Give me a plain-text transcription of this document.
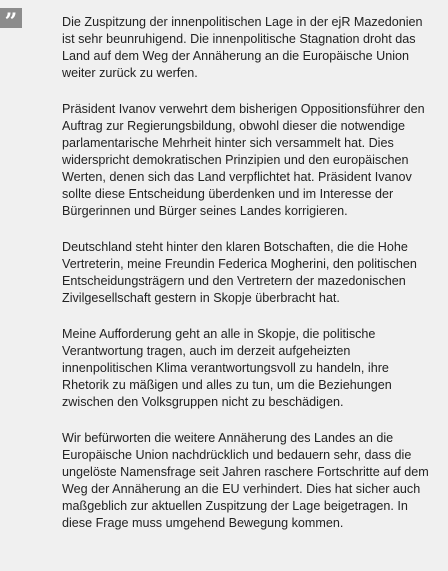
”	Die Zuspitzung der innenpolitischen Lage in der ejR Mazedonien ist sehr beunruhigend. Die innenpolitische Stagnation droht das Land auf dem Weg der Annäherung an die Europäische Union weiter zurück zu werfen.

Präsident Ivanov verwehrt dem bisherigen Oppositionsführer den Auftrag zur Regierungsbildung, obwohl dieser die notwendige parlamentarische Mehrheit hinter sich versammelt hat. Dies widerspricht demokratischen Prinzipien und den europäischen Werten, denen sich das Land verpflichtet hat. Präsident Ivanov sollte diese Entscheidung überdenken und im Interesse der Bürgerinnen und Bürger seines Landes korrigieren.

Deutschland steht hinter den klaren Botschaften, die die Hohe Vertreterin, meine Freundin Federica Mogherini, den politischen Entscheidungsträgern und den Vertretern der mazedonischen Zivilgesellschaft gestern in Skopje überbracht hat.

Meine Aufforderung geht an alle in Skopje, die politische Verantwortung tragen, auch im derzeit aufgeheizten innenpolitischen Klima verantwortungsvoll zu handeln, ihre Rhetorik zu mäßigen und alles zu tun, um die Beziehungen zwischen den Volksgruppen nicht zu beschädigen.

Wir befürworten die weitere Annäherung des Landes an die Europäische Union nachdrücklich und bedauern sehr, dass die ungelöste Namensfrage seit Jahren raschere Fortschritte auf dem Weg der Annäherung an die EU verhindert. Dies hat sicher auch maßgeblich zur aktuellen Zuspitzung der Lage beigetragen. In diese Frage muss umgehend Bewegung kommen.
